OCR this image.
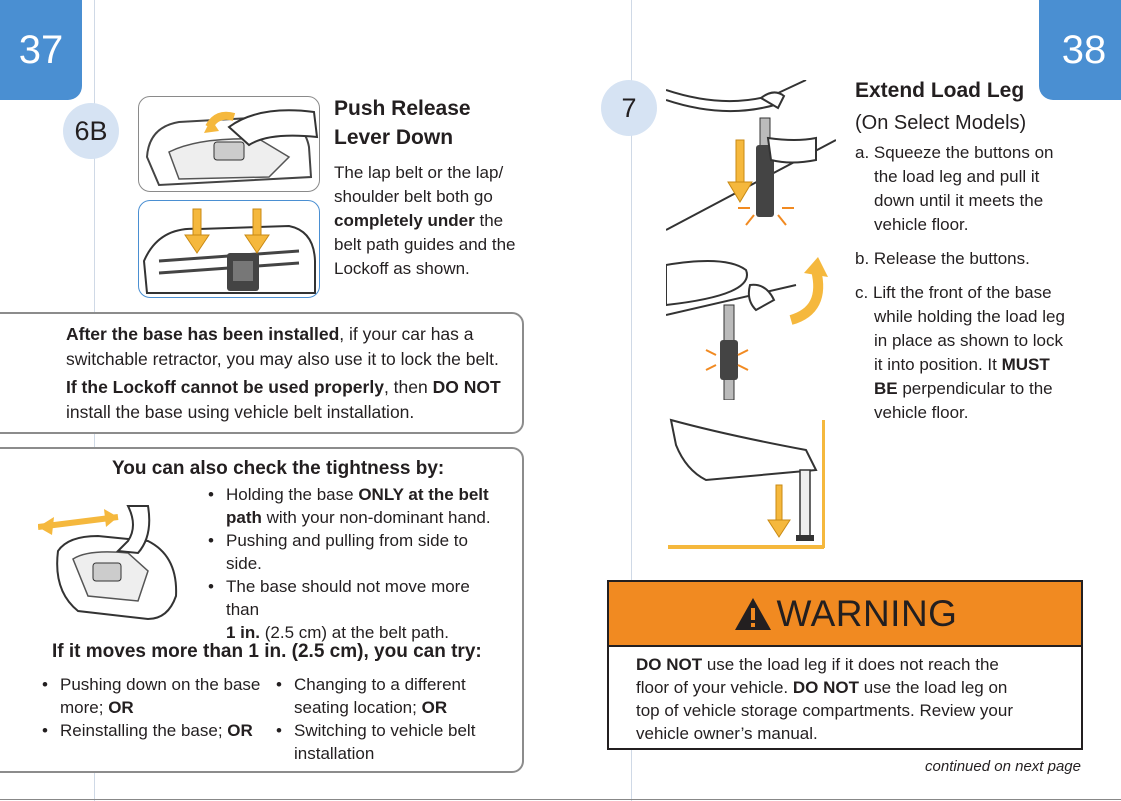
37
6B
Push Release
Lever Down
The lap belt or the lap/
shoulder belt both go
completely under the
belt path guides and the
Lockoff as shown.
After the base has been installed, if your car has a
switchable retractor, you may also use it to lock the belt.
If the Lockoff cannot be used properly, then DO NOT
install the base using vehicle belt installation.
You can also check the tightness by:
• Holding the base ONLY at the belt
path with your non-dominant hand.
• Pushing and pulling from side to side.
• The base should not move more than
1 in. (2.5 cm) at the belt path.
If it moves more than 1 in. (2.5 cm), you can try:
• Pushing down on the base
more; OR
• Reinstalling the base; OR
• Changing to a different
seating location; OR
• Switching to vehicle belt
installation
38
7
Extend Load Leg
(On Select Models)
a. Squeeze the buttons on
the load leg and pull it
down until it meets the
vehicle floor.
b. Release the buttons.
c. Lift the front of the base
while holding the load leg
in place as shown to lock
it into position. It MUST
BE perpendicular to the
vehicle floor.
WARNING
DO NOT use the load leg if it does not reach the
floor of your vehicle. DO NOT use the load leg on
top of vehicle storage compartments. Review your
vehicle owner’s manual.
continued on next page
